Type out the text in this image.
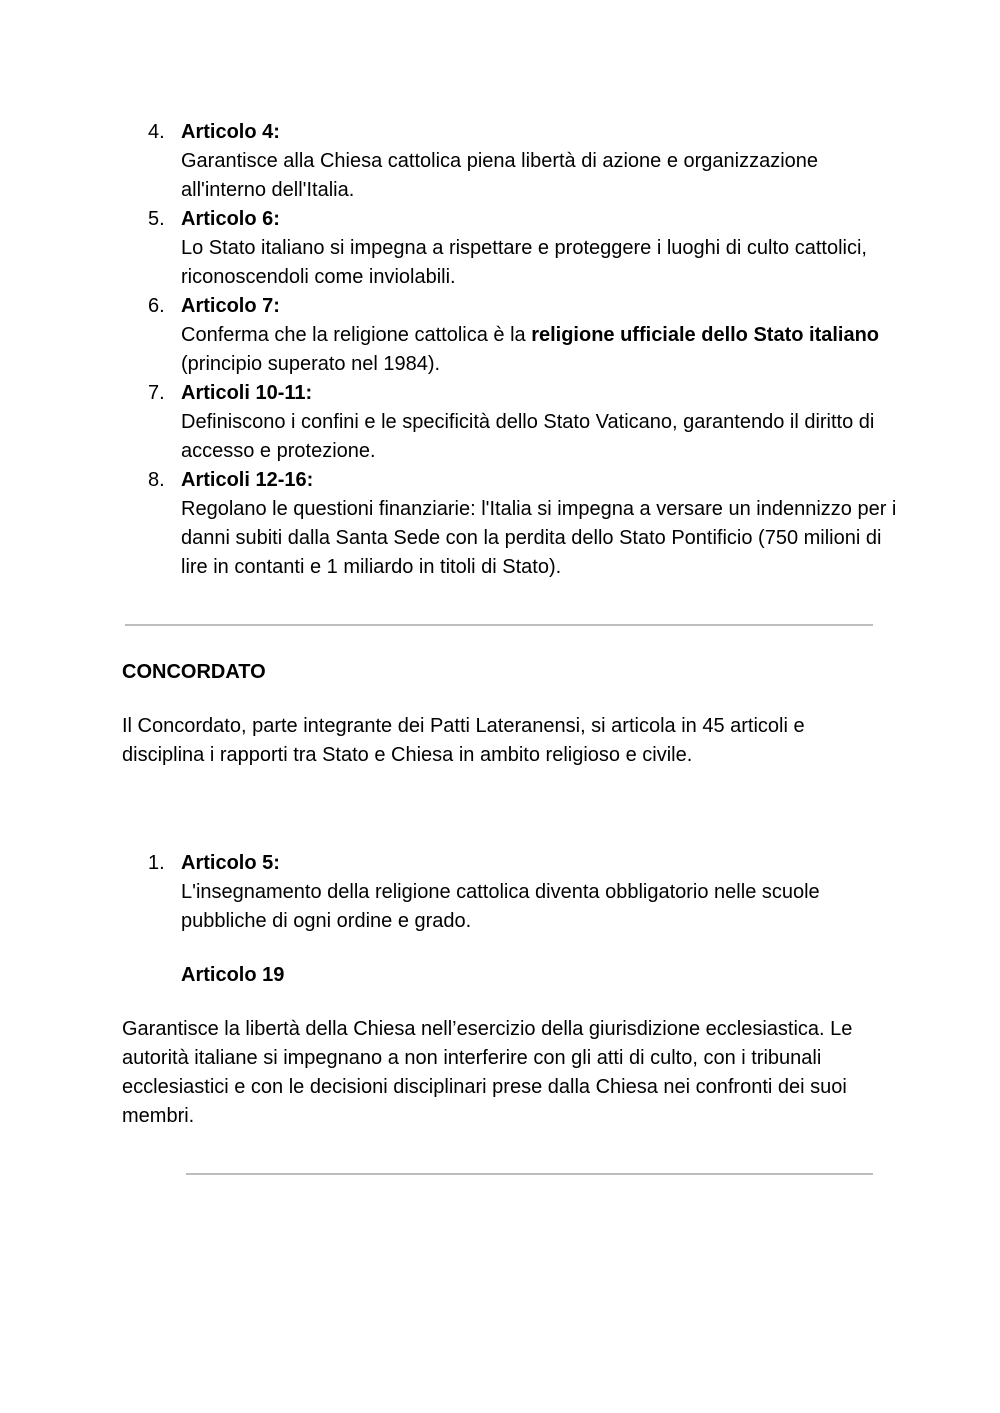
4. Articolo 4:
Garantisce alla Chiesa cattolica piena libertà di azione e organizzazione all'interno dell'Italia.
5. Articolo 6:
Lo Stato italiano si impegna a rispettare e proteggere i luoghi di culto cattolici, riconoscendoli come inviolabili.
6. Articolo 7:
Conferma che la religione cattolica è la religione ufficiale dello Stato italiano (principio superato nel 1984).
7. Articoli 10-11:
Definiscono i confini e le specificità dello Stato Vaticano, garantendo il diritto di accesso e protezione.
8. Articoli 12-16:
Regolano le questioni finanziarie: l'Italia si impegna a versare un indennizzo per i danni subiti dalla Santa Sede con la perdita dello Stato Pontificio (750 milioni di lire in contanti e 1 miliardo in titoli di Stato).
CONCORDATO
Il Concordato, parte integrante dei Patti Lateranensi, si articola in 45 articoli e disciplina i rapporti tra Stato e Chiesa in ambito religioso e civile.
1. Articolo 5:
L'insegnamento della religione cattolica diventa obbligatorio nelle scuole pubbliche di ogni ordine e grado.
Articolo 19
Garantisce la libertà della Chiesa nell’esercizio della giurisdizione ecclesiastica. Le autorità italiane si impegnano a non interferire con gli atti di culto, con i tribunali ecclesiastici e con le decisioni disciplinari prese dalla Chiesa nei confronti dei suoi membri.
